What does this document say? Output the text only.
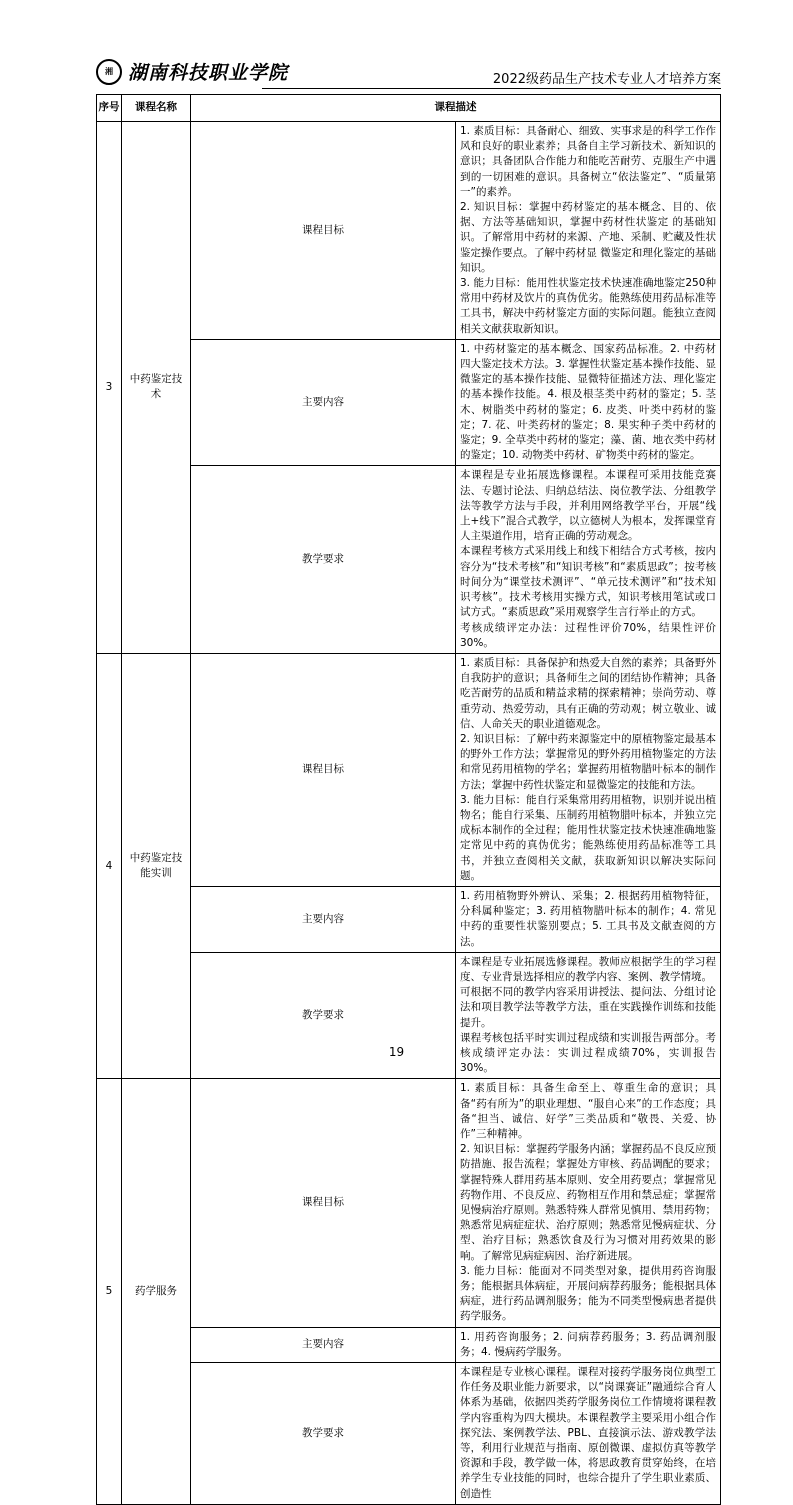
湘 湖南科技职业学院	2022级药品生产技术专业人才培养方案
序号	课程名称	课程描述	
3	中药鉴定技术	课程目标	1. 素质目标：具备耐心、细致、实事求是的科学工作作风和良好的职业素养；具备自主学习新技术、新知识的意识；具备团队合作能力和能吃苦耐劳、克服生产中遇到的一切困难的意识。具备树立“依法鉴定”、“质量第一”的素养。

2. 知识目标：掌握中药材鉴定的基本概念、目的、依据、方法等基础知识，掌握中药材性状鉴定 的基础知识。了解常用中药材的来源、产地、采制、贮藏及性状鉴定操作要点。了解中药材显 微鉴定和理化鉴定的基础知识。

3. 能力目标：能用性状鉴定技术快速准确地鉴定250种常用中药材及饮片的真伪优劣。能熟练使用药品标准等工具书，解决中药材鉴定方面的实际问题。能独立查阅相关文献获取新知识。

		主要内容	1. 中药材鉴定的基本概念、国家药品标准。2. 中药材四大鉴定技术方法。3. 掌握性状鉴定基本操作技能、显微鉴定的基本操作技能、显微特征描述方法、理化鉴定的基本操作技能。4. 根及根茎类中药材的鉴定；5. 茎木、树脂类中药材的鉴定；6. 皮类、叶类中药材的鉴定；7. 花、叶类药材的鉴定；8. 果实种子类中药材的鉴定；9. 全草类中药材的鉴定；藻、菌、地衣类中药材的鉴定；10. 动物类中药材、矿物类中药材的鉴定。

		教学要求	本课程是专业拓展选修课程。本课程可采用技能竞赛法、专题讨论法、归纳总结法、岗位教学法、分组教学法等教学方法与手段，并利用网络教学平台，开展“线上+线下”混合式教学，以立德树人为根本，发挥课堂育人主渠道作用，培育正确的劳动观念。

本课程考核方式采用线上和线下相结合方式考核，按内容分为“技术考核”和“知识考核”和“素质思政”；按考核时间分为“课堂技术测评”、“单元技术测评”和“技术知识考核”。技术考核用实操方式，知识考核用笔试或口试方式。“素质思政”采用观察学生言行举止的方式。

考核成绩评定办法：过程性评价70%，结果性评价30%。

4	中药鉴定技能实训	课程目标	1. 素质目标：具备保护和热爱大自然的素养；具备野外自我防护的意识；具备师生之间的团结协作精神；具备吃苦耐劳的品质和精益求精的探索精神；崇尚劳动、尊重劳动、热爱劳动，具有正确的劳动观；树立敬业、诚信、人命关天的职业道德观念。

2. 知识目标：了解中药来源鉴定中的原植物鉴定最基本的野外工作方法；掌握常见的野外药用植物鉴定的方法和常见药用植物的学名；掌握药用植物腊叶标本的制作方法；掌握中药性状鉴定和显微鉴定的技能和方法。

3. 能力目标：能自行采集常用药用植物，识别并说出植物名；能自行采集、压制药用植物腊叶标本，并独立完成标本制作的全过程；能用性状鉴定技术快速准确地鉴定常见中药的真伪优劣；能熟练使用药品标准等工具书，并独立查阅相关文献，获取新知识以解决实际问题。

		主要内容	1. 药用植物野外辨认、采集；2. 根据药用植物特征，分科属种鉴定；3. 药用植物腊叶标本的制作；4. 常见中药的重要性状鉴别要点；5. 工具书及文献查阅的方法。

		教学要求	本课程是专业拓展选修课程。教师应根据学生的学习程度、专业背景选择相应的教学内容、案例、教学情境。

可根据不同的教学内容采用讲授法、提问法、分组讨论法和项目教学法等教学方法，重在实践操作训练和技能提升。

课程考核包括平时实训过程成绩和实训报告两部分。考核成绩评定办法：实训过程成绩70%，实训报告30%。

5	药学服务	课程目标	1. 素质目标：具备生命至上、尊重生命的意识；具备“药有所为”的职业理想、“服自心来”的工作态度；具备“担当、诚信、好学”三类品质和“敬畏、关爱、协作”三种精神。

2. 知识目标：掌握药学服务内涵；掌握药品不良反应预防措施、报告流程；掌握处方审核、药品调配的要求；掌握特殊人群用药基本原则、安全用药要点；掌握常见药物作用、不良反应、药物相互作用和禁忌症；掌握常见慢病治疗原则。熟悉特殊人群常见慎用、禁用药物；熟悉常见病症症状、治疗原则；熟悉常见慢病症状、分型、治疗目标；熟悉饮食及行为习惯对用药效果的影响。了解常见病症病因、治疗新进展。

3. 能力目标：能面对不同类型对象，提供用药咨询服务；能根据具体病症，开展问病荐药服务；能根据具体病症，进行药品调剂服务；能为不同类型慢病患者提供药学服务。

		主要内容	1. 用药咨询服务；2. 问病荐药服务；3. 药品调剂服务；4. 慢病药学服务。

		教学要求	本课程是专业核心课程。课程对接药学服务岗位典型工作任务及职业能力新要求，以“岗课赛证”融通综合育人体系为基础，依据四类药学服务岗位工作情境将课程教学内容重构为四大模块。本课程教学主要采用小组合作探究法、案例教学法、PBL、直接演示法、游戏教学法等，利用行业规范与指南、原创微课、虚拟仿真等教学资源和手段，教学做一体，将思政教育贯穿始终，在培养学生专业技能的同时，也综合提升了学生职业素质、创造性

19
